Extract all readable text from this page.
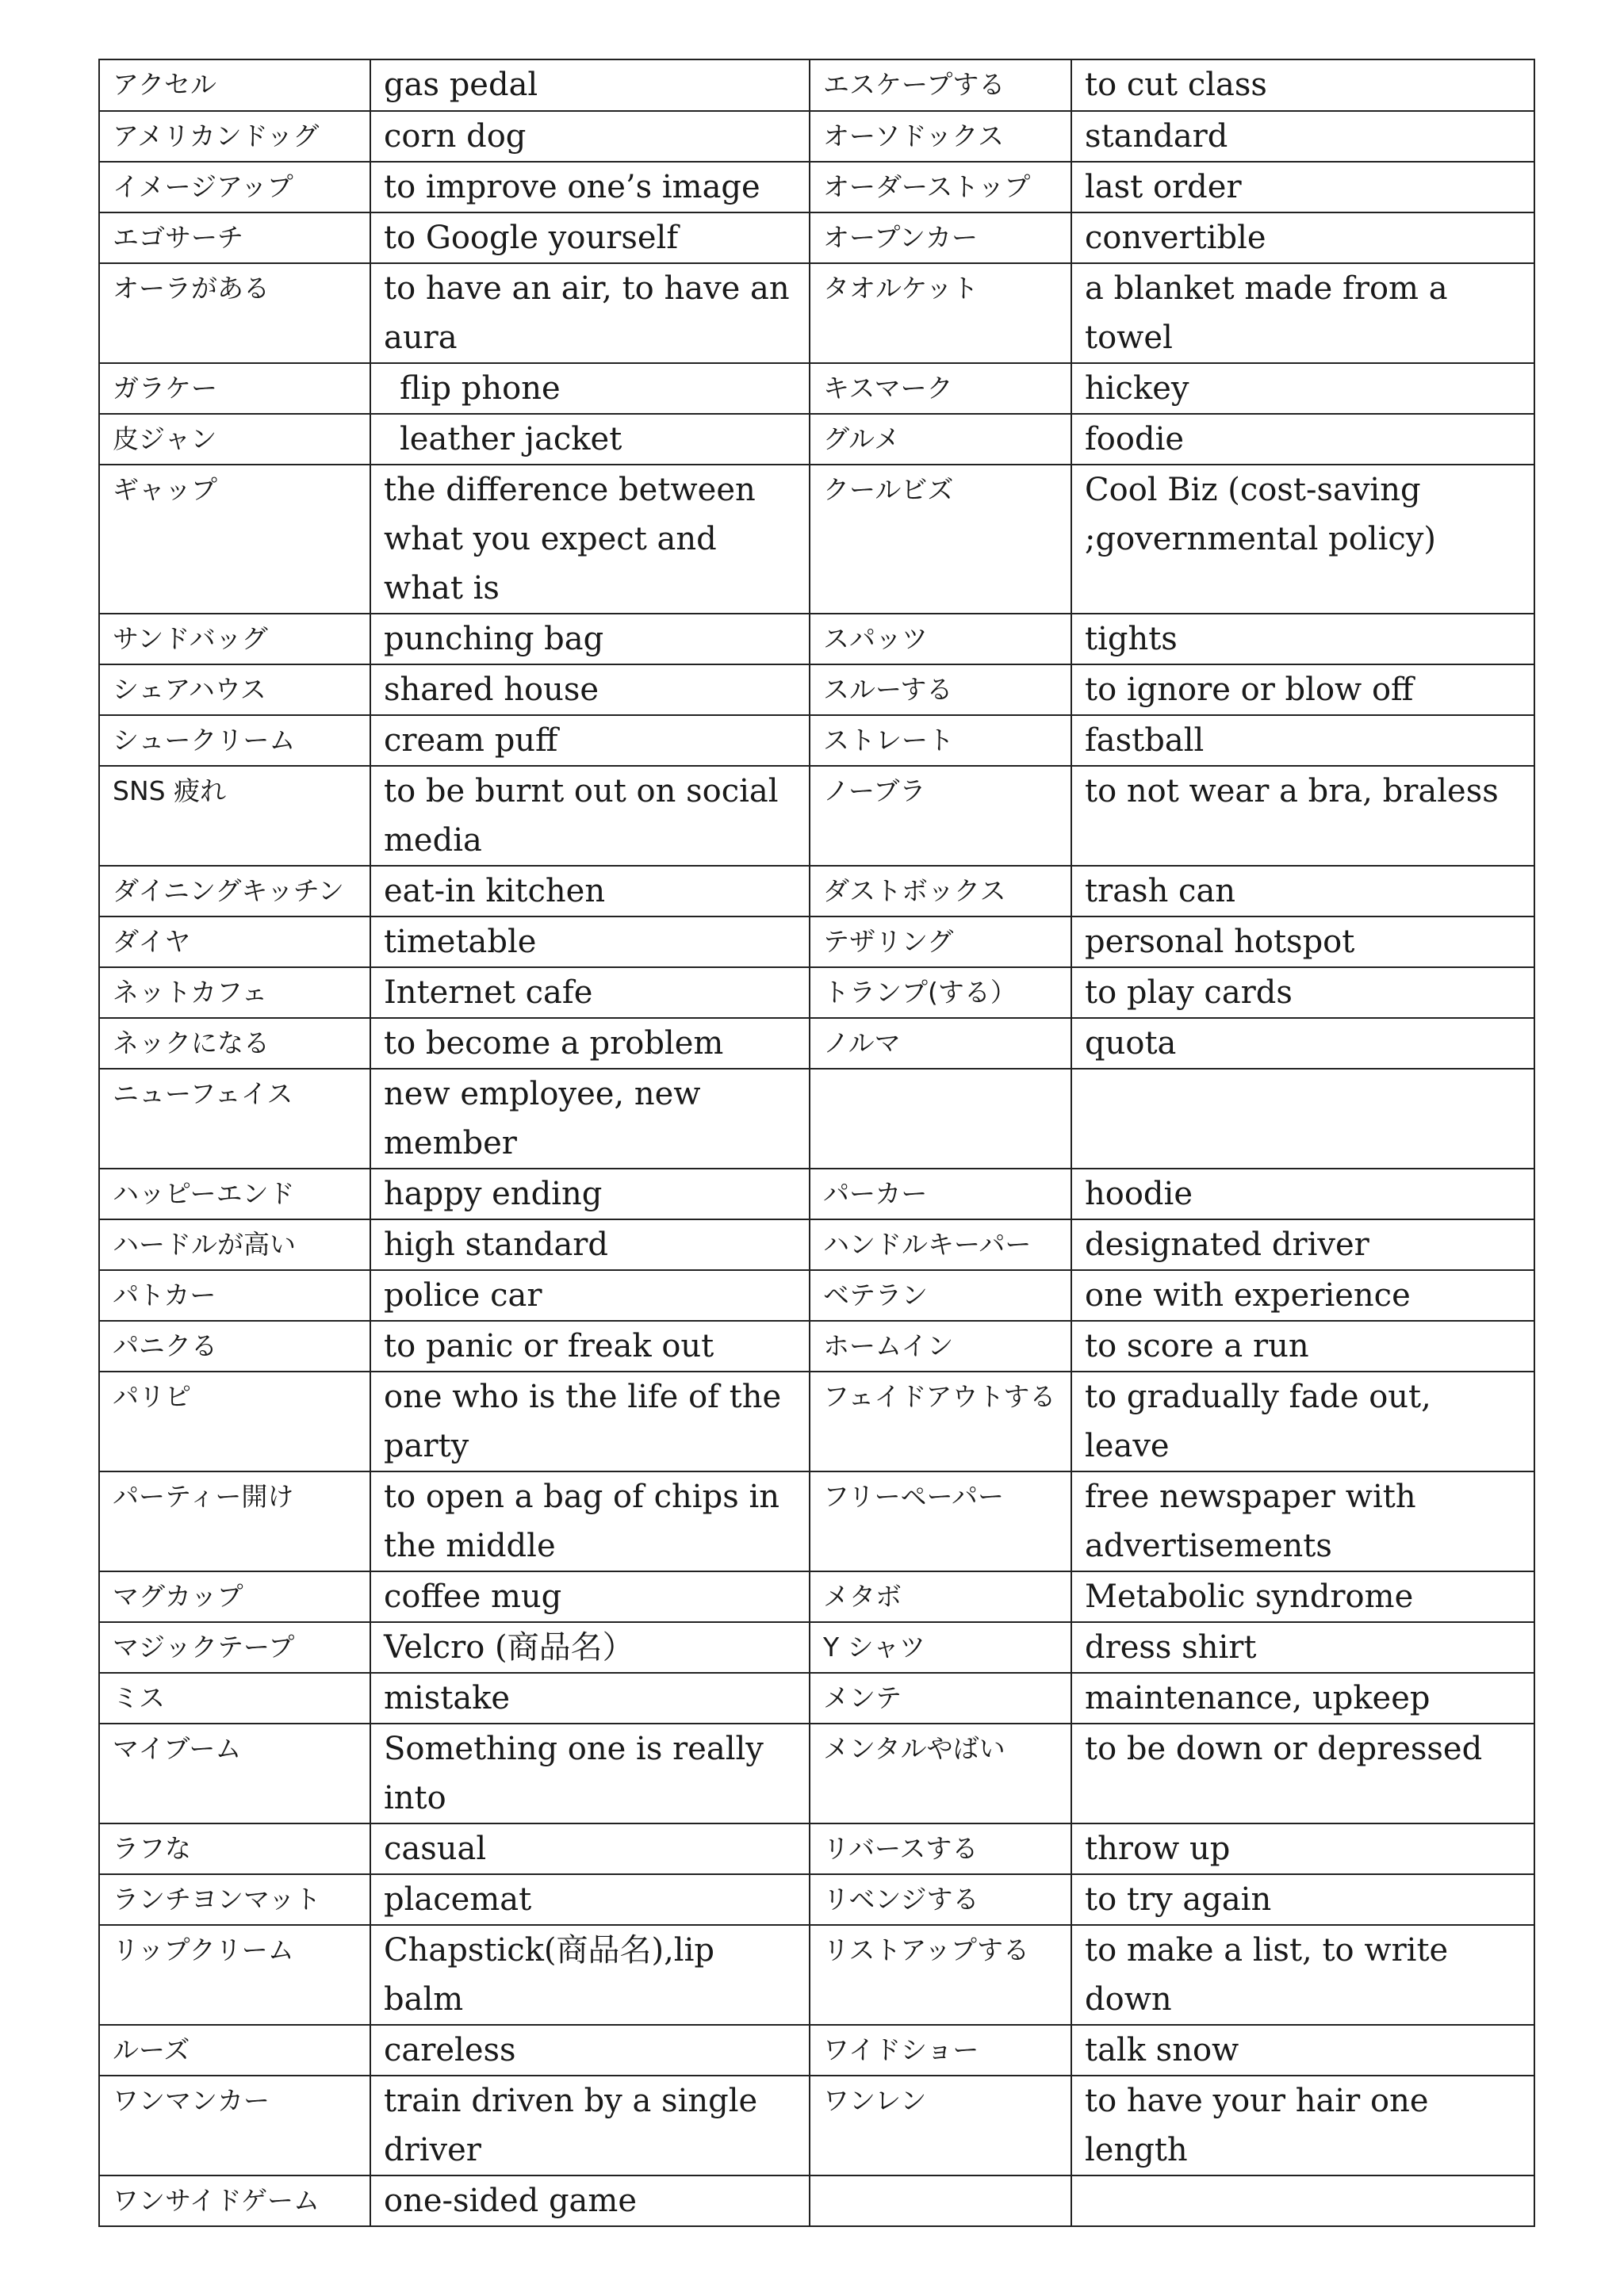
アクセル	gas pedal	エスケープする	to cut class
アメリカンドッグ	corn dog	オーソドックス	standard
イメージアップ	to improve one’s image	オーダーストップ	last order
エゴサーチ	to Google yourself	オープンカー	convertible
オーラがある	to have an air, to have an aura	タオルケット	a blanket made from a towel
ガラケー	flip phone	キスマーク	hickey
皮ジャン	leather jacket	グルメ	foodie
ギャップ	the difference between what you expect and what is	クールビズ	Cool Biz (cost-saving ;governmental policy)
サンドバッグ	punching bag	スパッツ	tights
シェアハウス	shared house	スルーする	to ignore or blow off
シュークリーム	cream puff	ストレート	fastball
SNS 疲れ	to be burnt out on social media	ノーブラ	to not wear a bra, braless
ダイニングキッチン	eat-in kitchen	ダストボックス	trash can
ダイヤ	timetable	テザリング	personal hotspot
ネットカフェ	Internet cafe	トランプ(する）	to play cards
ネックになる	to become a problem	ノルマ	quota
ニューフェイス	new employee, new member		
ハッピーエンド	happy ending	パーカー	hoodie
ハードルが高い	high standard	ハンドルキーパー	designated driver
パトカー	police car	ベテラン	one with experience
パニクる	to panic or freak out	ホームイン	to score a run
パリピ	one who is the life of the party	フェイドアウトする	to gradually fade out, leave
パーティー開け	to open a bag of chips in the middle	フリーペーパー	free newspaper with advertisements
マグカップ	coffee mug	メタボ	Metabolic syndrome
マジックテープ	Velcro (商品名）	Y シャツ	dress shirt
ミス	mistake	メンテ	maintenance, upkeep
マイブーム	Something one is really into	メンタルやばい	to be down or depressed
ラフな	casual	リバースする	throw up
ランチヨンマット	placemat	リベンジする	to try again
リップクリーム	Chapstick(商品名),lip balm	リストアップする	to make a list, to write down
ルーズ	careless	ワイドショー	talk snow
ワンマンカー	train driven by a single driver	ワンレン	to have your hair one length
ワンサイドゲーム	one-sided game		
